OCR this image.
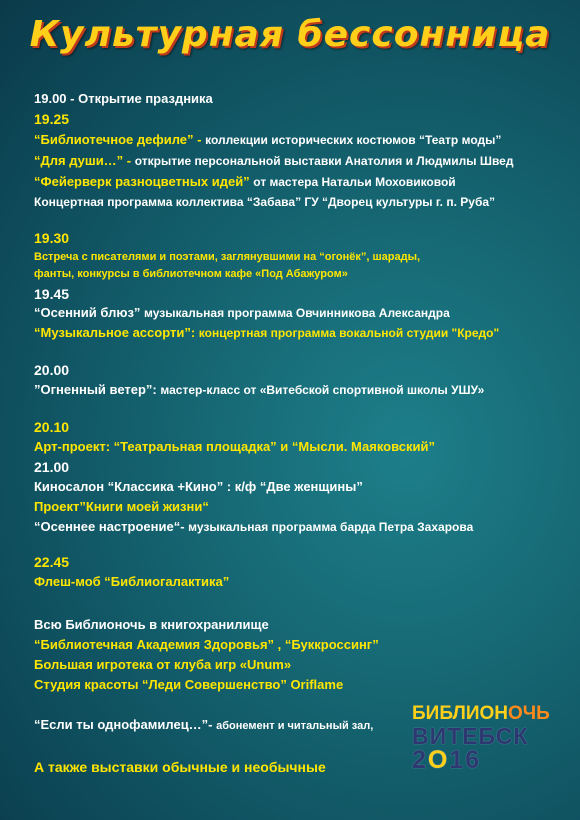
Культурная бессонница
19.00 - Открытие праздника
19.25
“Библиотечное дефиле” - коллекции исторических костюмов “Театр моды”
“Для души…” - открытие персональной выставки Анатолия и Людмилы Швед
“Фейерверк разноцветных идей” от мастера Натальи Моховиковой
Концертная программа коллектива “Забава” ГУ “Дворец культуры г. п. Руба”
19.30
Встреча с писателями и поэтами, заглянувшими на “огонёк”, шарады,
фанты, конкурсы в библиотечном кафе «Под Абажуром»
19.45
“Осенний блюз” музыкальная программа Овчинникова Александра
“Музыкальное ассорти”: концертная программа вокальной студии "Кредо"
20.00
”Огненный ветер”: мастер-класс от «Витебской спортивной школы УШУ»
20.10
Арт-проект: “Театральная площадка” и “Мысли. Маяковский”
21.00
Киносалон “Классика +Кино” : к/ф “Две женщины”
Проект”Книги моей жизни“
“Осеннее настроение“- музыкальная программа барда Петра Захарова
22.45
Флеш-моб “Библиогалактика”
Всю Библионочь в книгохранилище
“Библиотечная Академия Здоровья” , “Буккроссинг”
Большая игротека от клуба игр «Unum»
Студия красоты “Леди Совершенство” Oriflame
“Если ты однофамилец…”- абонемент и читальный зал,
А также выставки обычные и необычные
БИБЛИОНОЧЬ
ВИТЕБСК
2О16
